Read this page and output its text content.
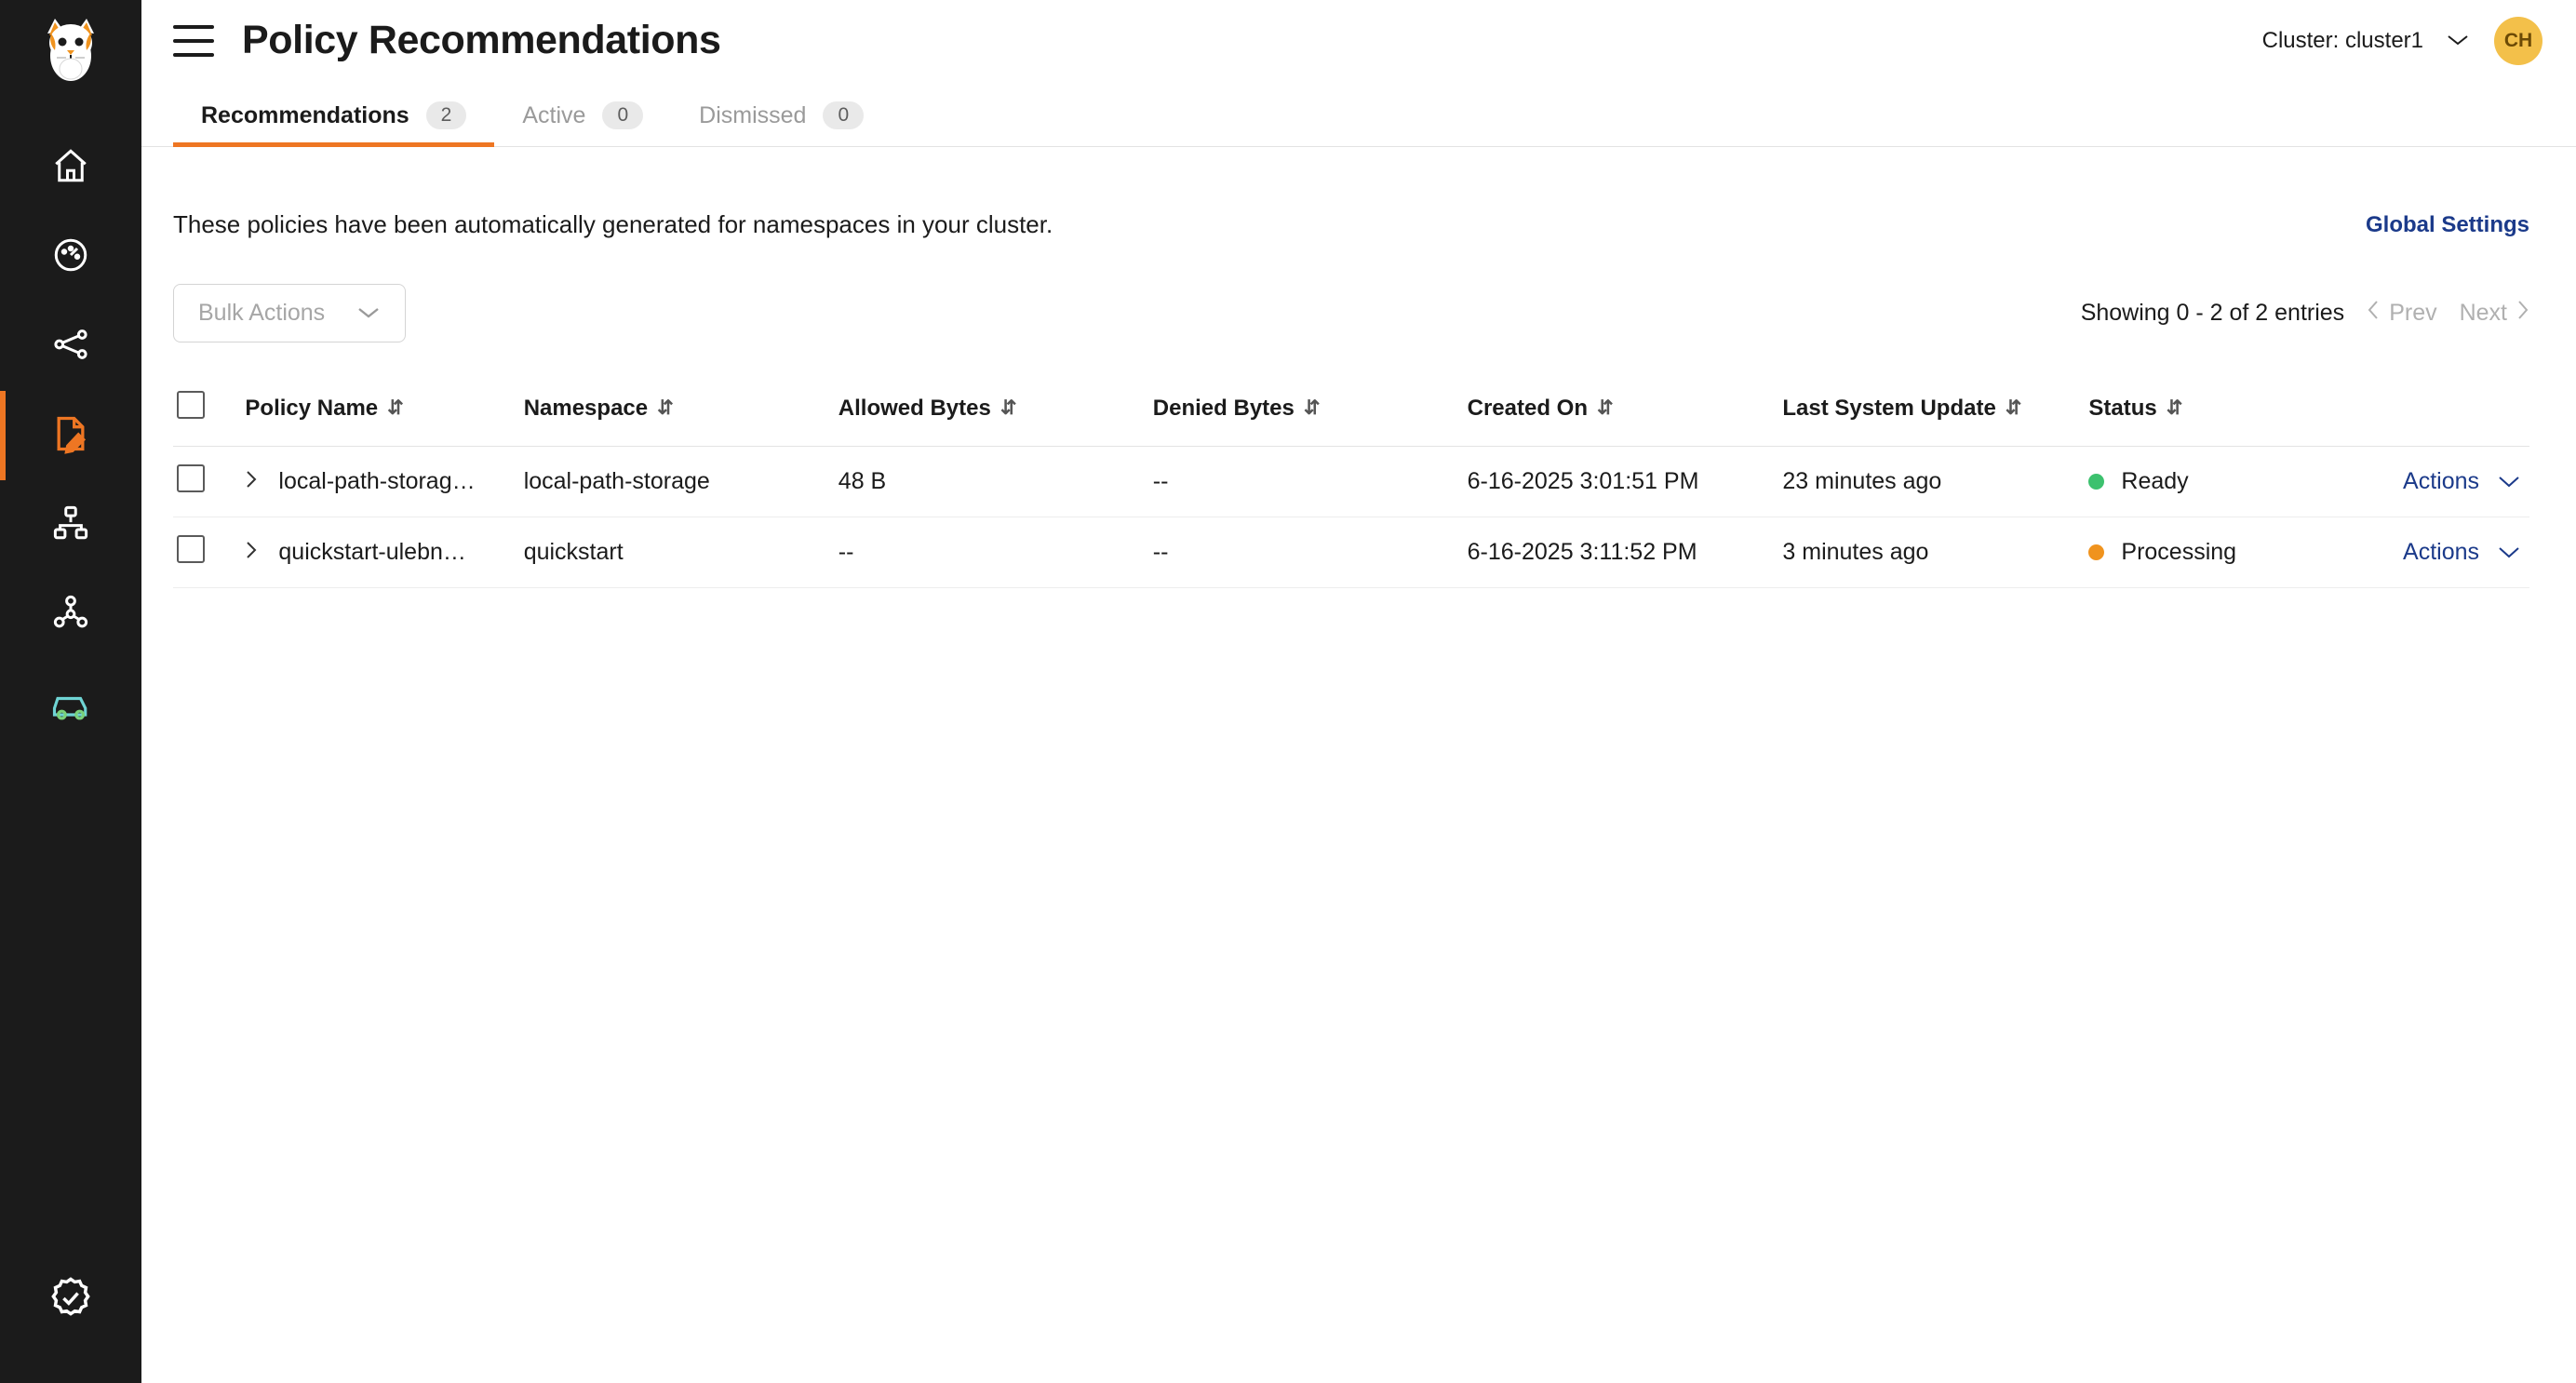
Policy Recommendations	Cluster: cluster1	CH
Recommendations	2	Active	0	Dismissed	0
These policies have been automatically generated for namespaces in your cluster.	Global Settings
Bulk Actions	Showing 0 - 2 of 2 entries Prev Next
	Policy Name ⇵	Namespace ⇵	Allowed Bytes ⇵	Denied Bytes ⇵	Created On ⇵	Last System Update ⇵	Status ⇵	

	local-path-storag…	local-path-storage	48 B	--	6-16-2025 3:01:51 PM	23 minutes ago	Ready	Actions

	quickstart-ulebn…	quickstart	--	--	6-16-2025 3:11:52 PM	3 minutes ago	Processing	Actions
